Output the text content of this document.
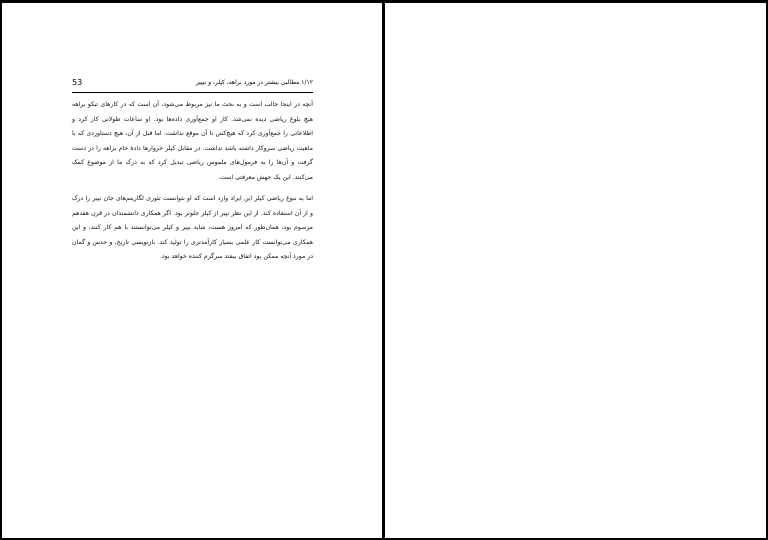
53	۱/۱۲ مطالبی بیشتر در مورد براهه، کپلر، و نیپیر

آنچه در اینجا جالب است و به بحث ما نیز مربوط می‌شود، آن است که در کارهای تیکو براهه هیچ بلوغ ریاضی دیده نمی‌شد. کار او جمع‌آوری داده‌ها بود. او ساعات طولانی کار کرد و اطلاعاتی را جمع‌آوری کرد که هیچ‌کس تا آن موقع نداشت. اما قبل از آن، هیچ دستاوردی که با ماهیت ریاضی سروکار داشته باشد نداشت. در مقابل کپلر خروارها دادهٔ خام براهه را در دست گرفت و آن‌ها را به فرمول‌های ملموس ریاضی تبدیل کرد که به درک ما از موضوع کمک می‌کنند. این یک جهش معرفتی است.

اما به نبوغ ریاضی کپلر این ایراد وارد است که او نتوانست تئوری لگاریتم‌های جان نپیر را درک و از آن استفاده کند. از این نظر نپیر از کپلر جلوتر بود. اگر همکاری دانشمندان در قرن هفدهم مرسوم بود، همان‌طور که امروز هست، شاید نپیر و کپلر می‌توانستند با هم کار کنند، و این همکاری می‌توانست کار علمی بسیار کارآمدتری را تولید کند. بازنویسی تاریخ، و حدس و گمان در مورد آنچه ممکن بود اتفاق بیفتد سرگرم کننده خواهد بود.
